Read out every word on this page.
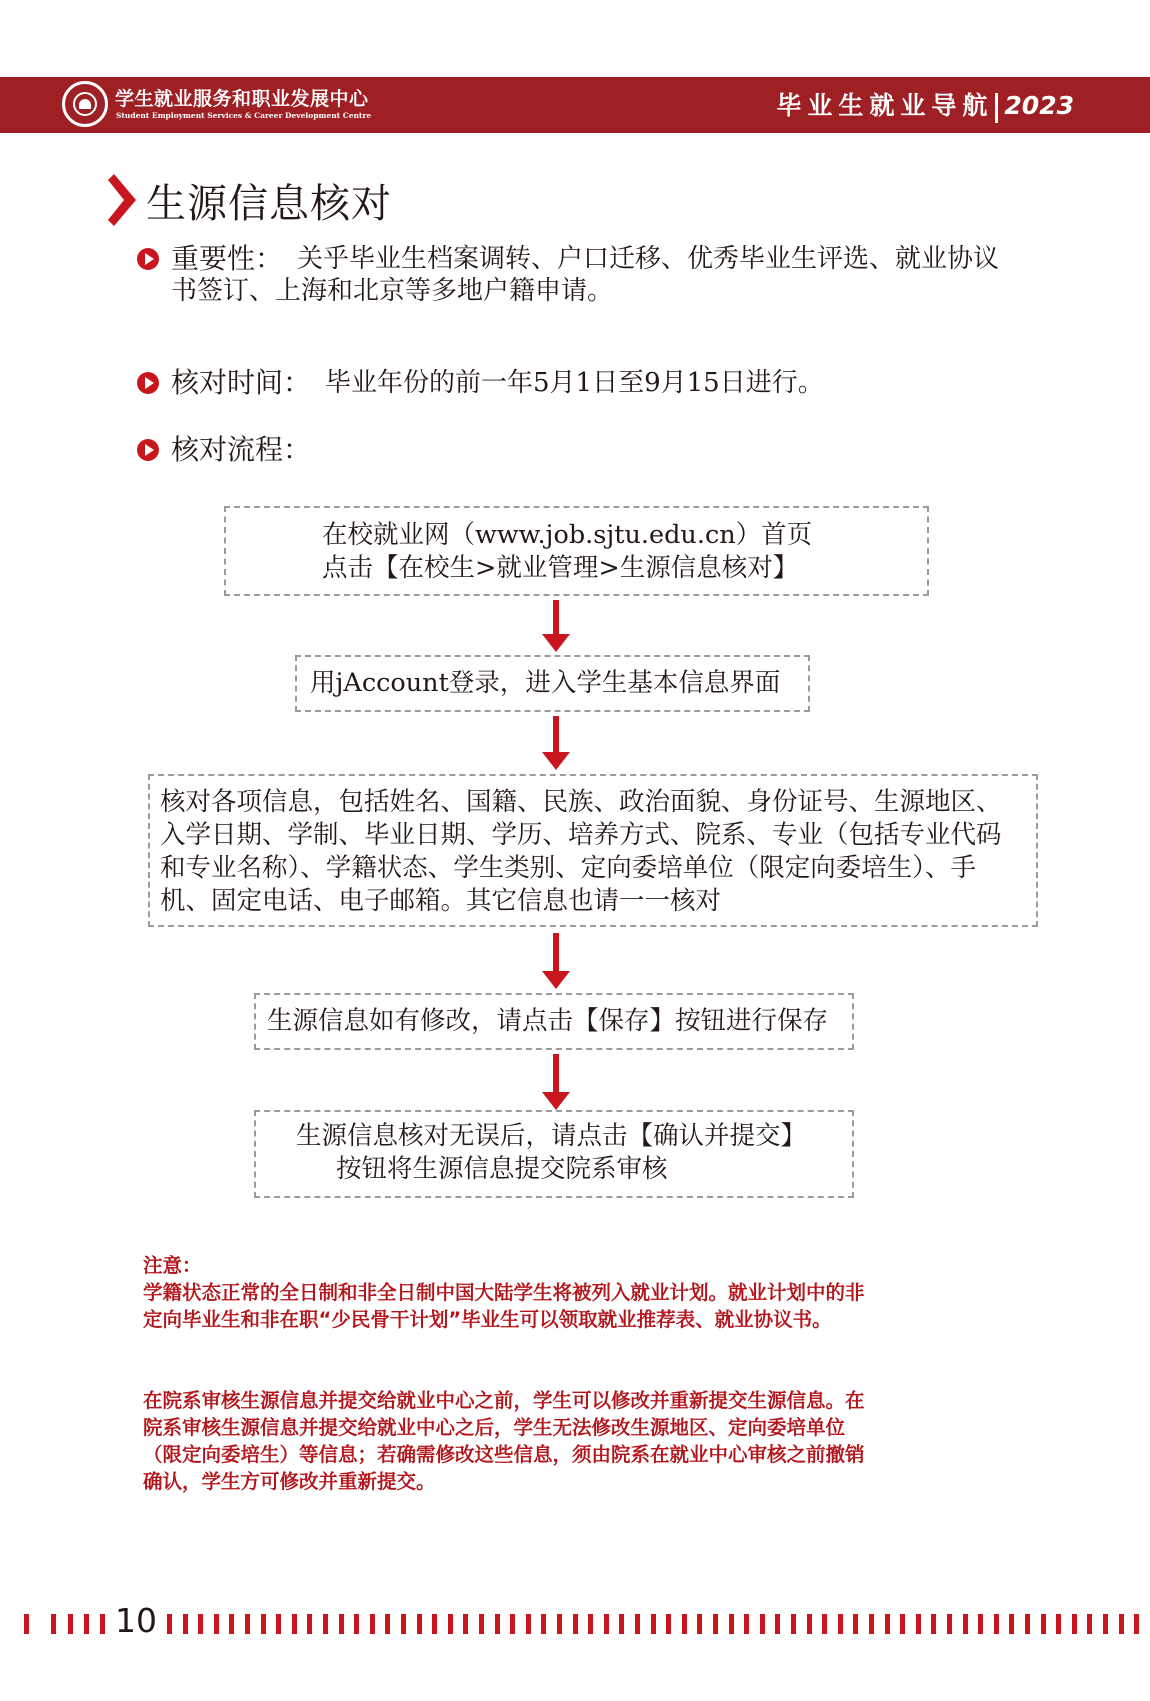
学生就业服务和职业发展中心
Student Employment Services & Career Development Centre	毕业生就业导航 2023
生源信息核对
重要性： 关乎毕业生档案调转、户口迁移、优秀毕业生评选、就业协议
书签订、上海和北京等多地户籍申请。
核对时间： 毕业年份的前一年5月1日至9月15日进行。
核对流程：
在校就业网（www.job.sjtu.edu.cn）首页
点击【在校生>就业管理>生源信息核对】
用jAccount登录，进入学生基本信息界面
核对各项信息，包括姓名、国籍、民族、政治面貌、身份证号、生源地区、
入学日期、学制、毕业日期、学历、培养方式、院系、专业（包括专业代码
和专业名称）、学籍状态、学生类别、定向委培单位（限定向委培生）、手
机、固定电话、电子邮箱。其它信息也请一一核对
生源信息如有修改，请点击【保存】按钮进行保存
生源信息核对无误后，请点击【确认并提交】
按钮将生源信息提交院系审核
注意：
学籍状态正常的全日制和非全日制中国大陆学生将被列入就业计划。就业计划中的非
定向毕业生和非在职“少民骨干计划”毕业生可以领取就业推荐表、就业协议书。
在院系审核生源信息并提交给就业中心之前，学生可以修改并重新提交生源信息。在
院系审核生源信息并提交给就业中心之后，学生无法修改生源地区、定向委培单位
（限定向委培生）等信息；若确需修改这些信息，须由院系在就业中心审核之前撤销
确认，学生方可修改并重新提交。
10
